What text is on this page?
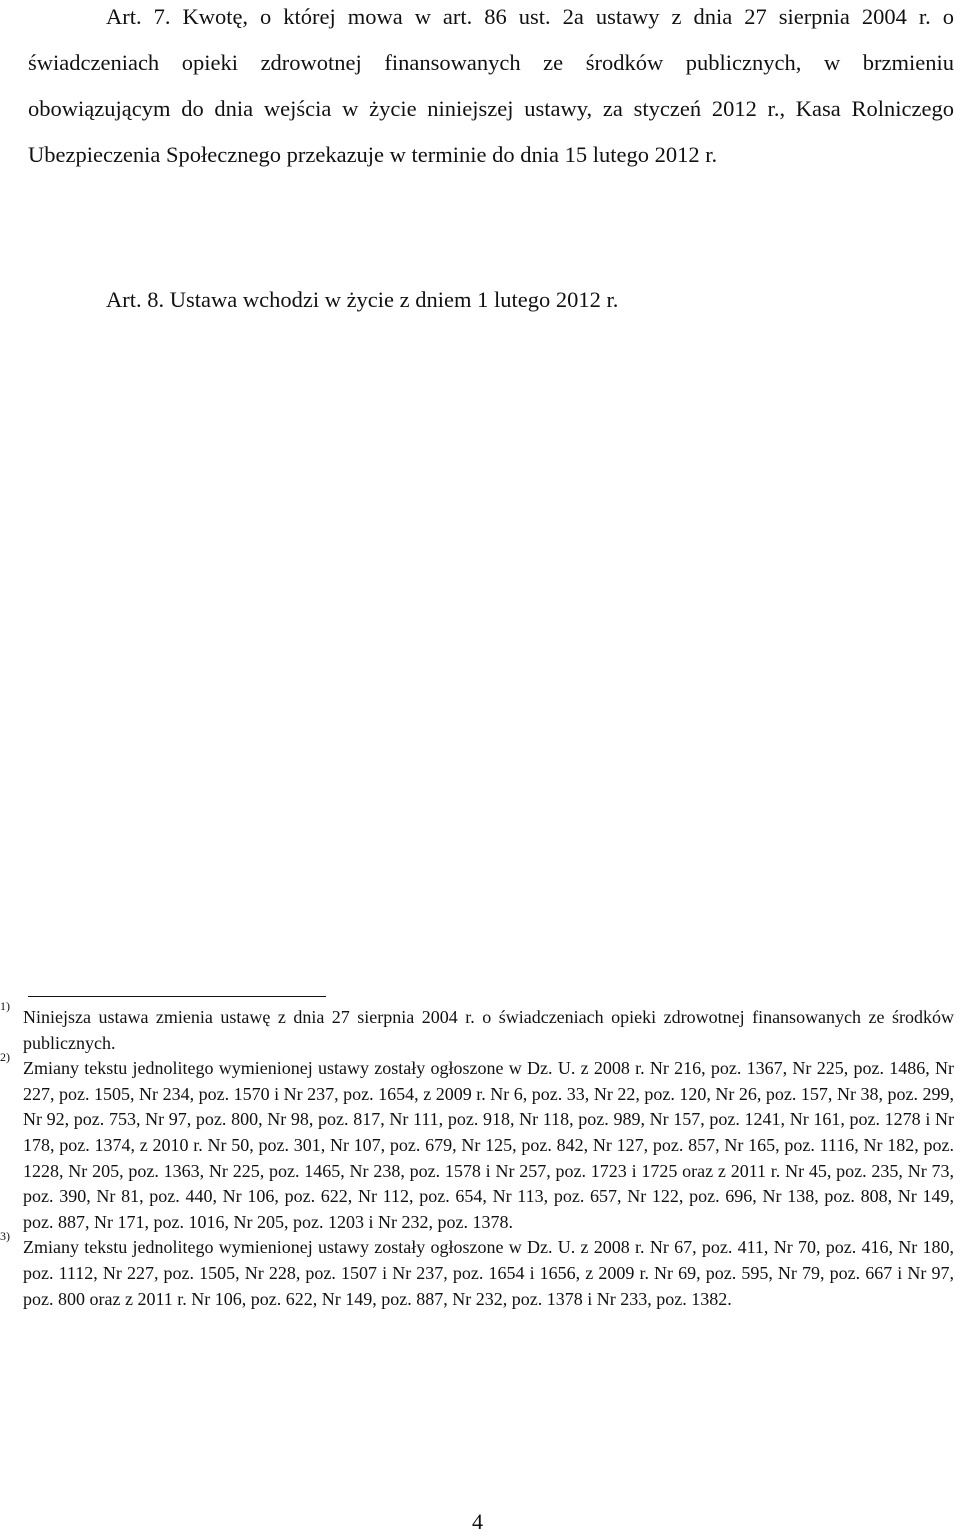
Art. 7. Kwotę, o której mowa w art. 86 ust. 2a ustawy z dnia 27 sierpnia 2004 r. o świadczeniach opieki zdrowotnej finansowanych ze środków publicznych, w brzmieniu obowiązującym do dnia wejścia w życie niniejszej ustawy, za styczeń 2012 r., Kasa Rolniczego Ubezpieczenia Społecznego przekazuje w terminie do dnia 15 lutego 2012 r.

Art. 8. Ustawa wchodzi w życie z dniem 1 lutego 2012 r.

1)
Niniejsza ustawa zmienia ustawę z dnia 27 sierpnia 2004 r. o świadczeniach opieki zdrowotnej finansowanych ze środków publicznych.
2)
Zmiany tekstu jednolitego wymienionej ustawy zostały ogłoszone w Dz. U. z 2008 r. Nr 216, poz. 1367, Nr 225, poz. 1486, Nr 227, poz. 1505, Nr 234, poz. 1570 i Nr 237, poz. 1654, z 2009 r. Nr 6, poz. 33, Nr 22, poz. 120, Nr 26, poz. 157, Nr 38, poz. 299, Nr 92, poz. 753, Nr 97, poz. 800, Nr 98, poz. 817, Nr 111, poz. 918, Nr 118, poz. 989, Nr 157, poz. 1241, Nr 161, poz. 1278 i Nr 178, poz. 1374, z 2010 r. Nr 50, poz. 301, Nr 107, poz. 679, Nr 125, poz. 842, Nr 127, poz. 857, Nr 165, poz. 1116, Nr 182, poz. 1228, Nr 205, poz. 1363, Nr 225, poz. 1465, Nr 238, poz. 1578 i Nr 257, poz. 1723 i 1725 oraz z 2011 r. Nr 45, poz. 235, Nr 73, poz. 390, Nr 81, poz. 440, Nr 106, poz. 622, Nr 112, poz. 654, Nr 113, poz. 657, Nr 122, poz. 696, Nr 138, poz. 808, Nr 149, poz. 887, Nr 171, poz. 1016, Nr 205, poz. 1203 i Nr 232, poz. 1378.
3)
Zmiany tekstu jednolitego wymienionej ustawy zostały ogłoszone w Dz. U. z 2008 r. Nr 67, poz. 411, Nr 70, poz. 416, Nr 180, poz. 1112, Nr 227, poz. 1505, Nr 228, poz. 1507 i Nr 237, poz. 1654 i 1656, z 2009 r. Nr 69, poz. 595, Nr 79, poz. 667 i Nr 97, poz. 800 oraz z 2011 r. Nr 106, poz. 622, Nr 149, poz. 887, Nr 232, poz. 1378 i Nr 233, poz. 1382.
4
